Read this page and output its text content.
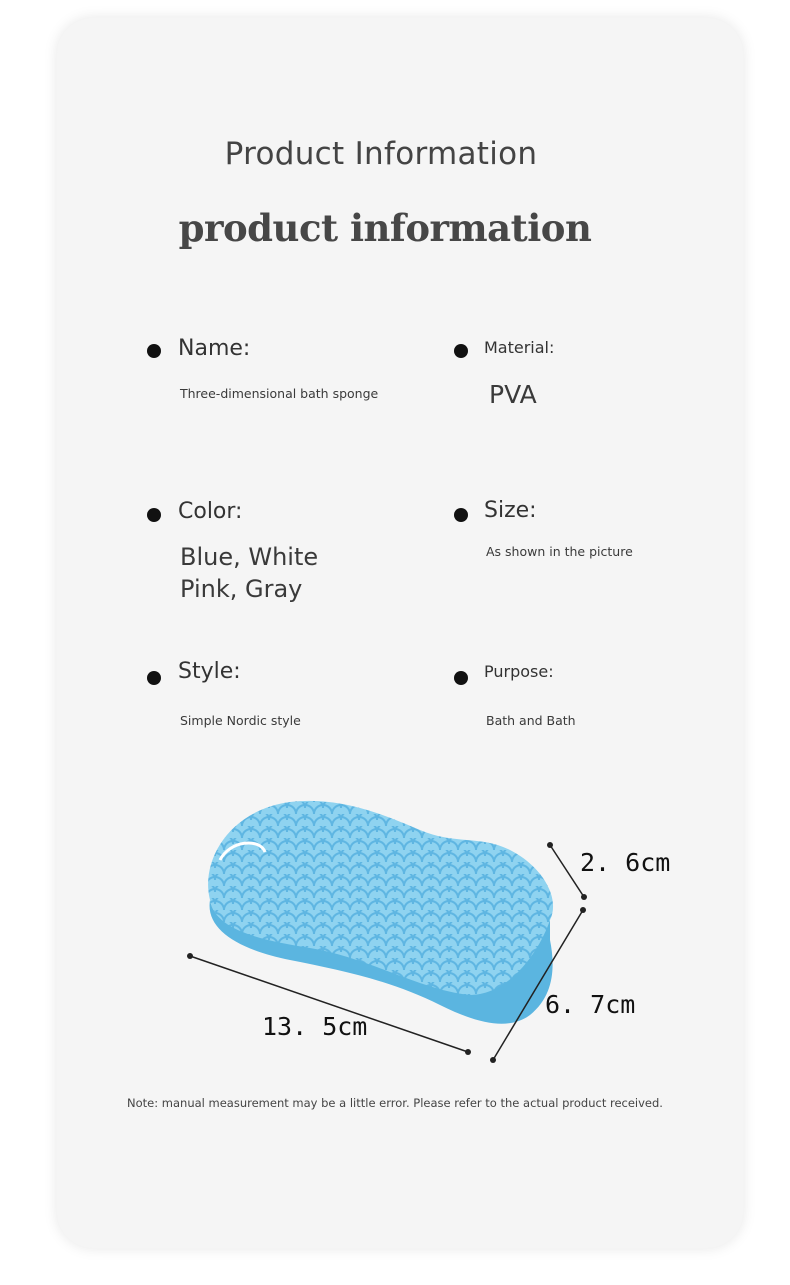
Product Information
product information
Name:
Three-dimensional bath sponge
Material:
PVA
Color:
Blue, White
Pink, Gray
Size:
As shown in the picture
Style:
Simple Nordic style
Purpose:
Bath and Bath
13. 5cm
6. 7cm
2. 6cm
Note: manual measurement may be a little error. Please refer to the actual product received.
